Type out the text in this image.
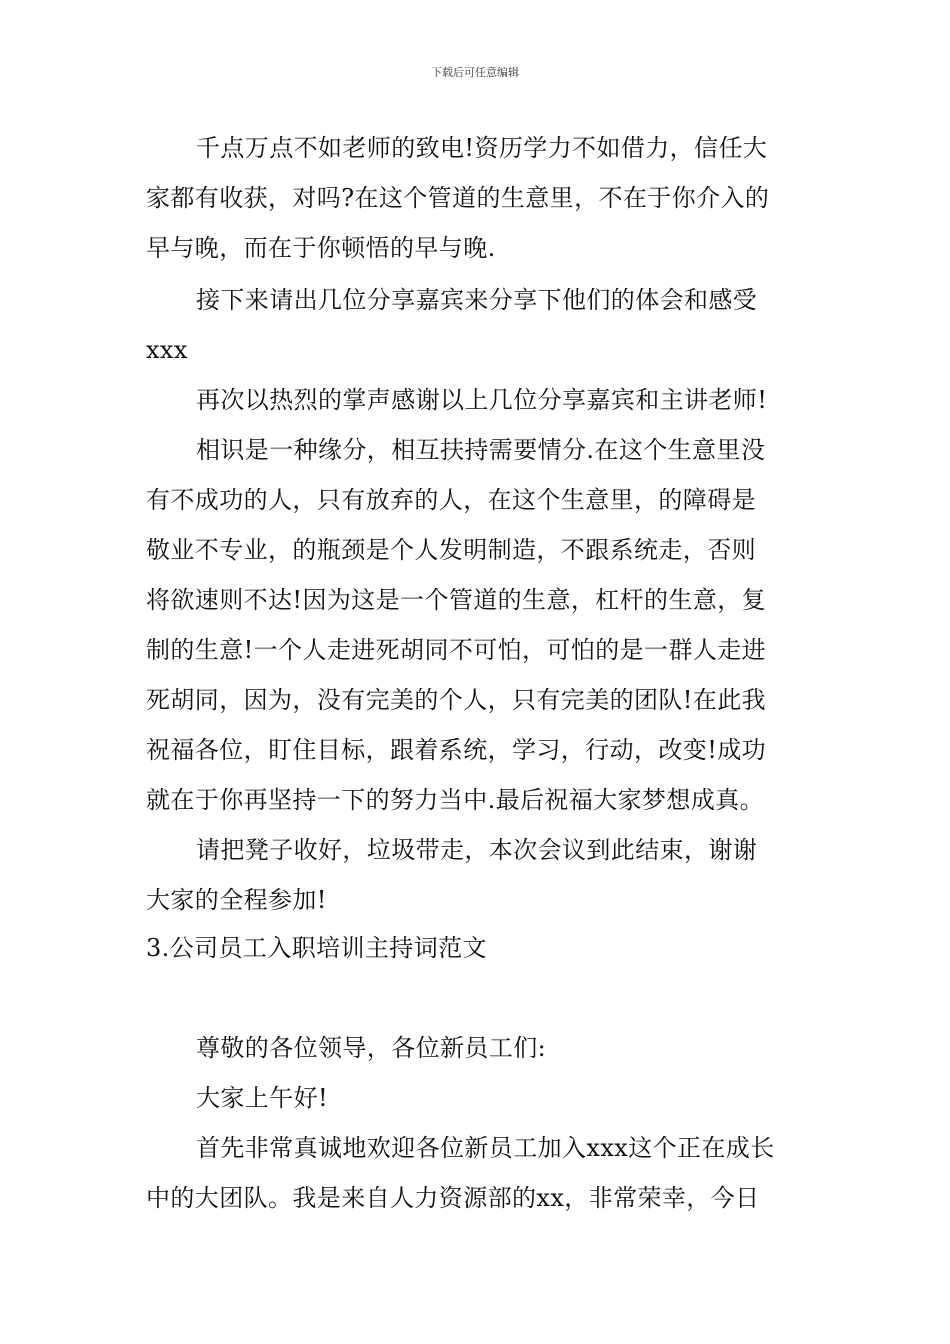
下载后可任意编辑
千点万点不如老师的致电!资历学力不如借力，信任大
家都有收获，对吗?在这个管道的生意里，不在于你介入的
早与晚，而在于你顿悟的早与晚.
接下来请出几位分享嘉宾来分享下他们的体会和感受
xxx
再次以热烈的掌声感谢以上几位分享嘉宾和主讲老师!
相识是一种缘分，相互扶持需要情分.在这个生意里没
有不成功的人，只有放弃的人，在这个生意里，的障碍是
敬业不专业，的瓶颈是个人发明制造，不跟系统走，否则
将欲速则不达!因为这是一个管道的生意，杠杆的生意，复
制的生意!一个人走进死胡同不可怕，可怕的是一群人走进
死胡同，因为，没有完美的个人，只有完美的团队!在此我
祝福各位，盯住目标，跟着系统，学习，行动，改变!成功
就在于你再坚持一下的努力当中.最后祝福大家梦想成真。
请把凳子收好，垃圾带走，本次会议到此结束，谢谢
大家的全程参加!
3.公司员工入职培训主持词范文
尊敬的各位领导，各位新员工们:
大家上午好!
首先非常真诚地欢迎各位新员工加入xxx这个正在成长
中的大团队。我是来自人力资源部的xx，非常荣幸，今日
